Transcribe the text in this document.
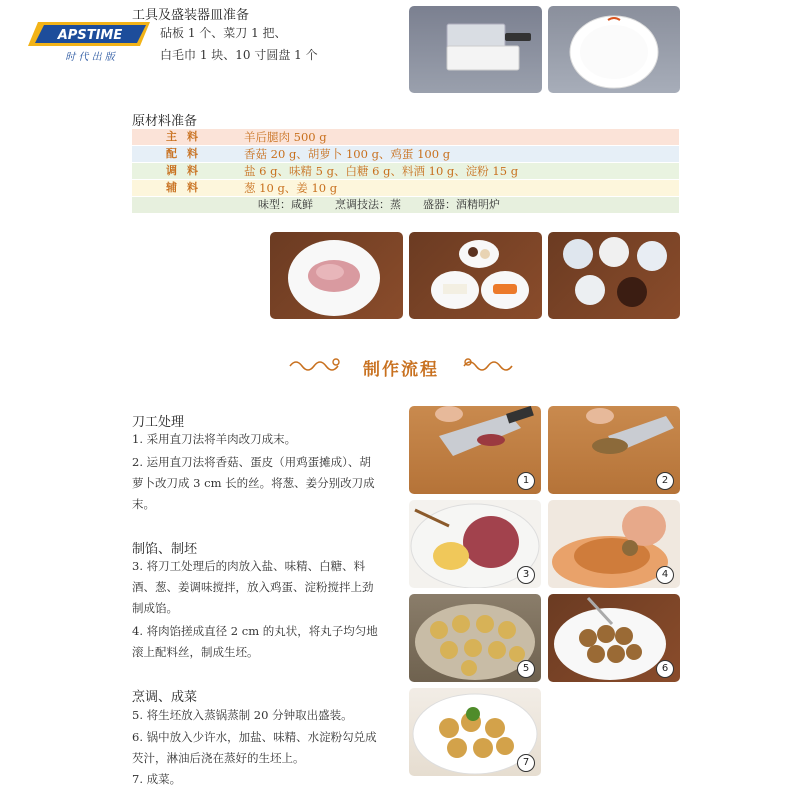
APSTIME
时 代 出 版
工具及盛装器皿准备
砧板 1 个、菜刀 1 把、
白毛巾 1 块、10 寸圆盘 1 个
原材料准备
主料	羊后腿肉 500 g
配料	香菇 20 g、胡萝卜 100 g、鸡蛋 100 g
调料	盐 6 g、味精 5 g、白糖 6 g、料酒 10 g、淀粉 15 g
辅料	葱 10 g、姜 10 g
味型：咸鲜　　烹调技法：蒸　　盛器：酒精明炉
制作流程
刀工处理
1. 采用直刀法将羊肉改刀成末。
2. 运用直刀法将香菇、蛋皮（用鸡蛋摊成）、胡萝卜改刀成 3 cm 长的丝。将葱、姜分别改刀成末。
制馅、制坯
3. 将刀工处理后的肉放入盐、味精、白糖、料酒、葱、姜调味搅拌，放入鸡蛋、淀粉搅拌上劲制成馅。
4. 将肉馅搓成直径 2 cm 的丸状，将丸子均匀地滚上配料丝，制成生坯。
烹调、成菜
5. 将生坯放入蒸锅蒸制 20 分钟取出盛装。
6. 锅中放入少许水，加盐、味精、水淀粉勾兑成芡汁，淋油后浇在蒸好的生坯上。
7. 成菜。
1	2
3	4
5	6
7
